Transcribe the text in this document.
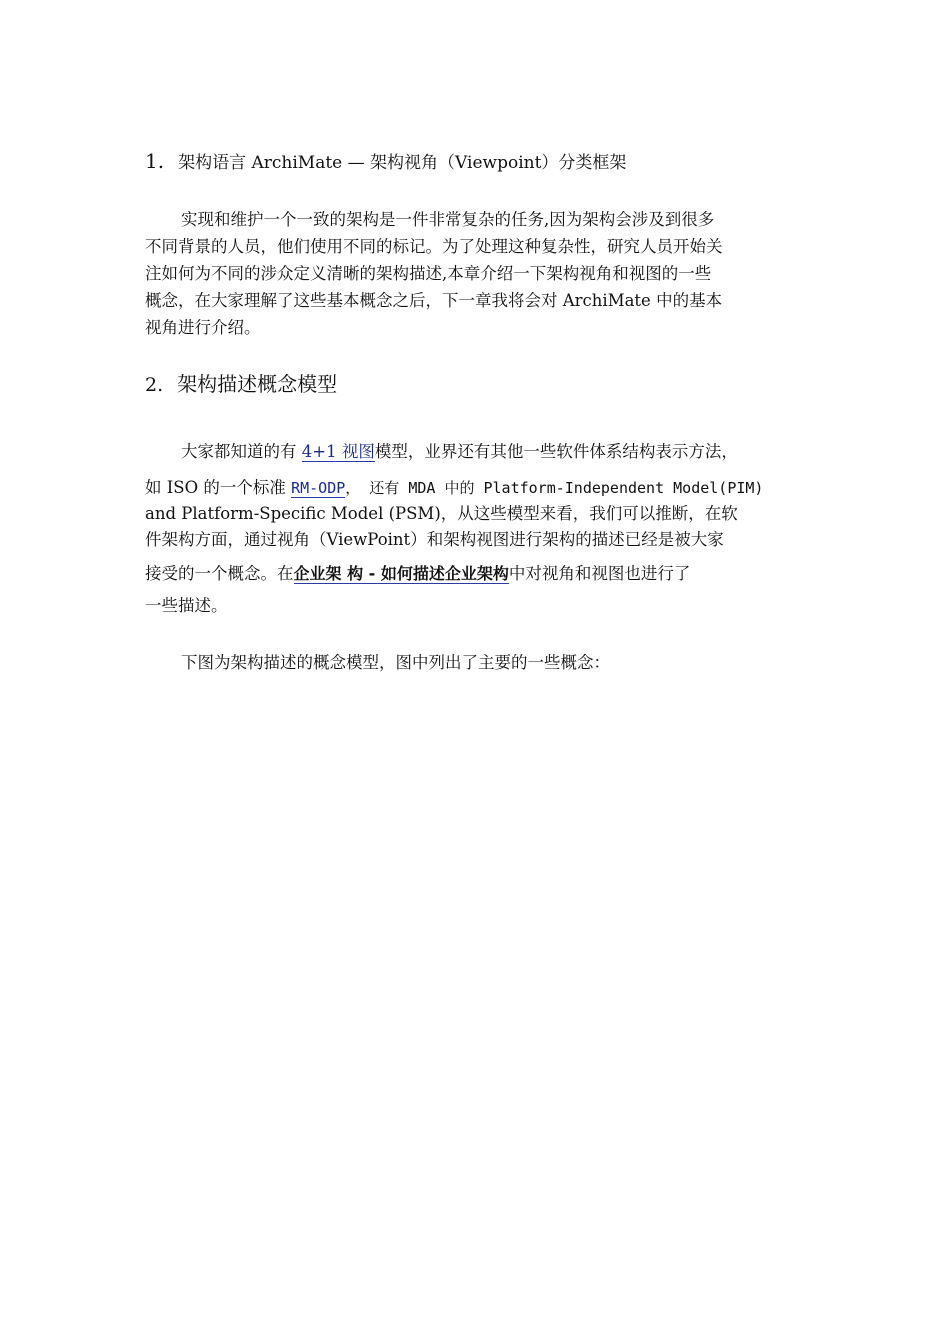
1. 架构语言 ArchiMate — 架构视角（Viewpoint）分类框架
实现和维护一个一致的架构是一件非常复杂的任务,因为架构会涉及到很多
不同背景的人员，他们使用不同的标记。为了处理这种复杂性，研究人员开始关
注如何为不同的涉众定义清晰的架构描述,本章介绍一下架构视角和视图的一些
概念，在大家理解了这些基本概念之后，下一章我将会对 ArchiMate 中的基本
视角进行介绍。
2. 架构描述概念模型
大家都知道的有 4+1 视图模型，业界还有其他一些软件体系结构表示方法，
如 ISO 的一个标准 RM-ODP， 还有 MDA 中的 Platform-Independent Model(PIM)
and Platform-Specific Model (PSM)，从这些模型来看，我们可以推断，在软
件架构方面，通过视角（ViewPoint）和架构视图进行架构的描述已经是被大家
接受的一个概念。在企业架 构 - 如何描述企业架构中对视角和视图也进行了
一些描述。
下图为架构描述的概念模型，图中列出了主要的一些概念：
